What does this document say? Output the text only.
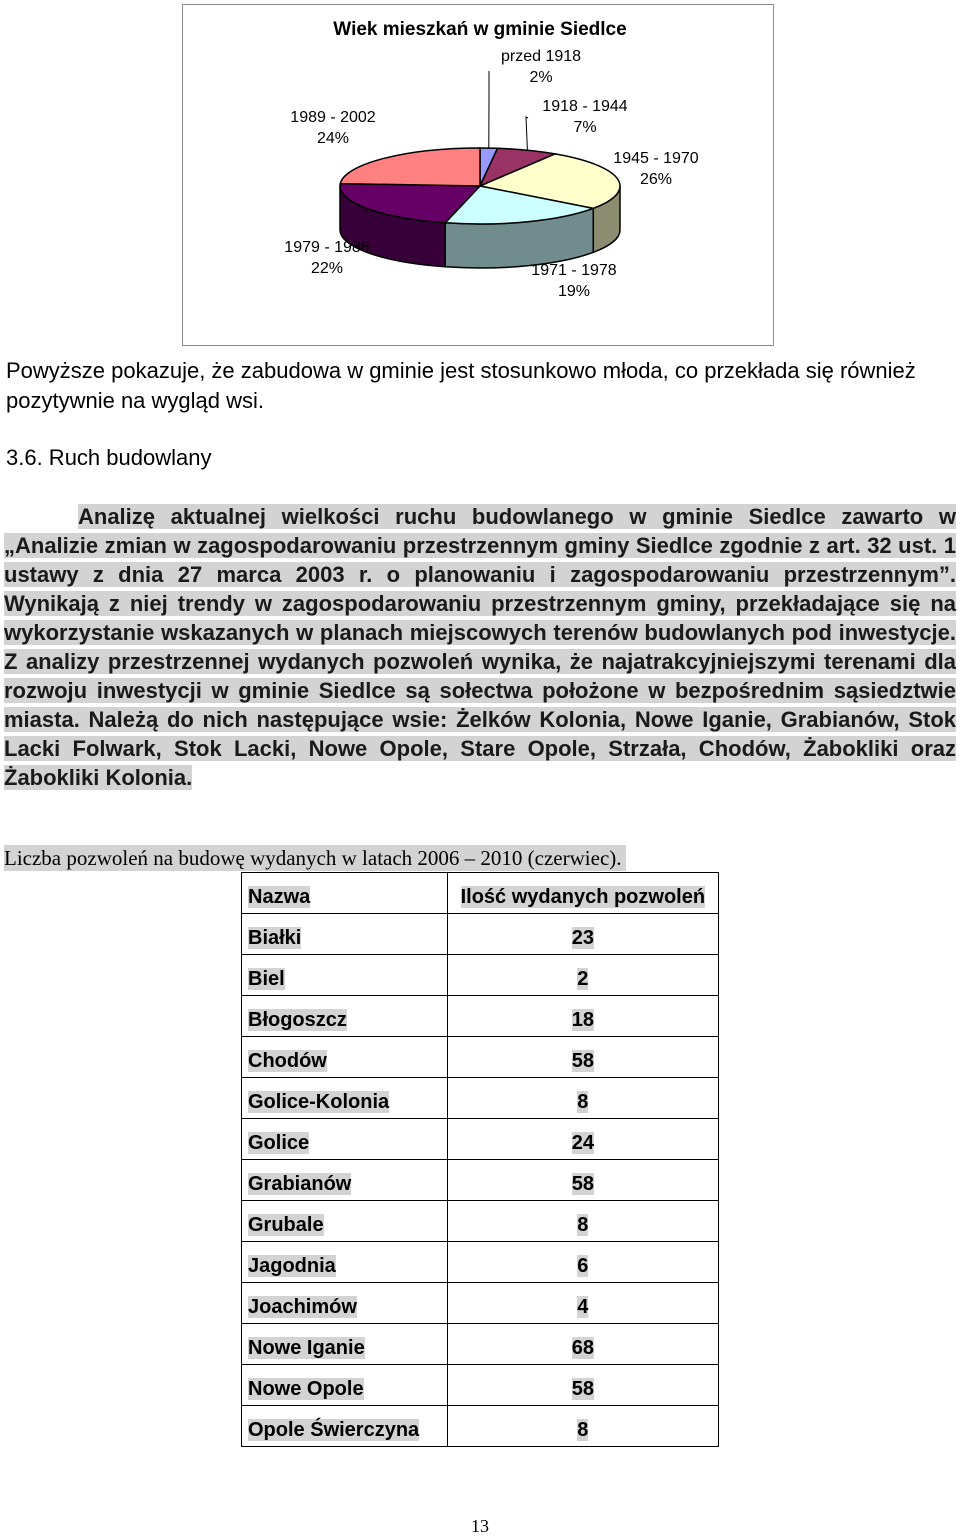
Wiek mieszkań w gminie Siedlce
przed 1918
2%
1918 - 1944
7%
1945 - 1970
26%
1971 - 1978
19%
1979 - 1988
22%
1989 - 2002
24%
Powyższe pokazuje, że zabudowa w gminie jest stosunkowo młoda, co przekłada się również pozytywnie na wygląd wsi.
3.6. Ruch budowlany
Analizę aktualnej wielkości ruchu budowlanego w gminie Siedlce zawarto w „Analizie zmian w zagospodarowaniu przestrzennym gminy Siedlce zgodnie z art. 32 ust. 1 ustawy z dnia 27 marca 2003 r. o planowaniu i zagospodarowaniu przestrzennym”. Wynikają z niej trendy w zagospodarowaniu przestrzennym gminy, przekładające się na wykorzystanie wskazanych w planach miejscowych terenów budowlanych pod inwestycje. Z analizy przestrzennej wydanych pozwoleń wynika, że najatrakcyjniejszymi terenami dla rozwoju inwestycji w gminie Siedlce są sołectwa położone w bezpośrednim sąsiedztwie miasta. Należą do nich następujące wsie: Żelków Kolonia, Nowe Iganie, Grabianów, Stok Lacki Folwark, Stok Lacki, Nowe Opole, Stare Opole, Strzała, Chodów, Żabokliki oraz Żabokliki Kolonia.
Liczba pozwoleń na budowę wydanych w latach 2006 – 2010 (czerwiec).
Nazwa	Ilość wydanych pozwoleń
Białki	23
Biel	2
Błogoszcz	18
Chodów	58
Golice-Kolonia	8
Golice	24
Grabianów	58
Grubale	8
Jagodnia	6
Joachimów	4
Nowe Iganie	68
Nowe Opole	58
Opole Świerczyna	8
13
